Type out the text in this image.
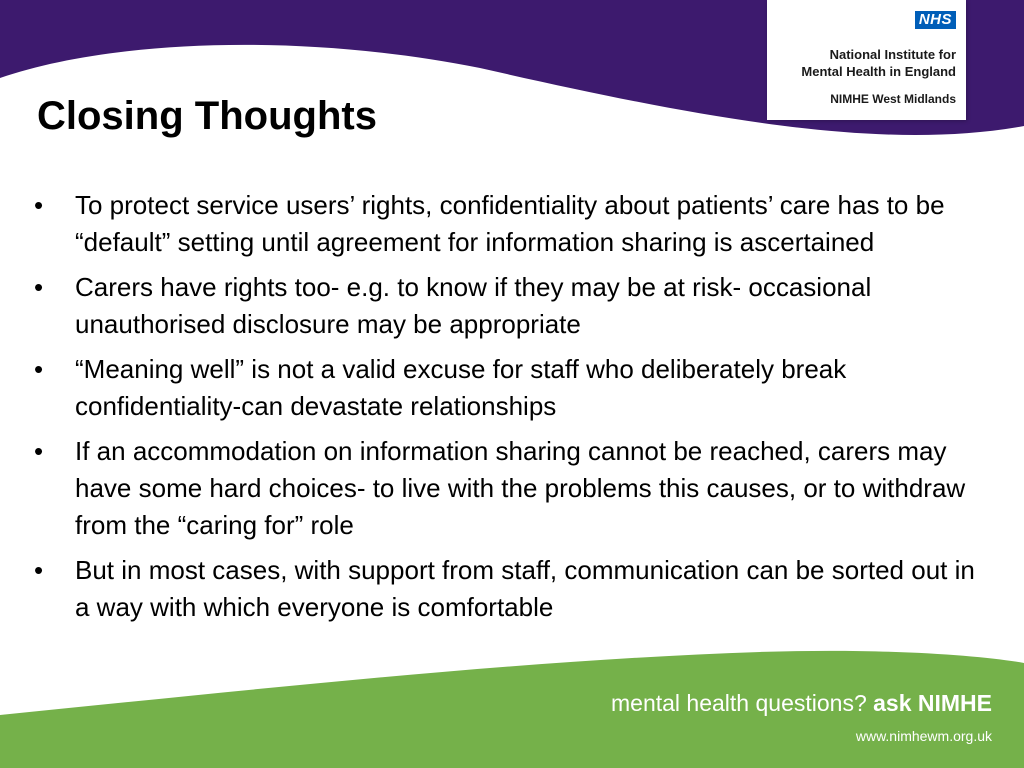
NHS
National Institute for
Mental Health in England
NIMHE West Midlands
Closing Thoughts
• To protect service users’ rights, confidentiality about patients’ care has to be “default” setting until agreement for information sharing is ascertained
• Carers have rights too- e.g. to know if they may be at risk- occasional unauthorised disclosure may be appropriate
• “Meaning well” is not a valid excuse for staff who deliberately break confidentiality-can devastate relationships
• If an accommodation on information sharing cannot be reached, carers may have some hard choices- to live with the problems this causes, or to withdraw from the “caring for” role
• But in most cases, with support from staff, communication can be sorted out in a way with which everyone is comfortable
mental health questions? ask NIMHE
www.nimhewm.org.uk
